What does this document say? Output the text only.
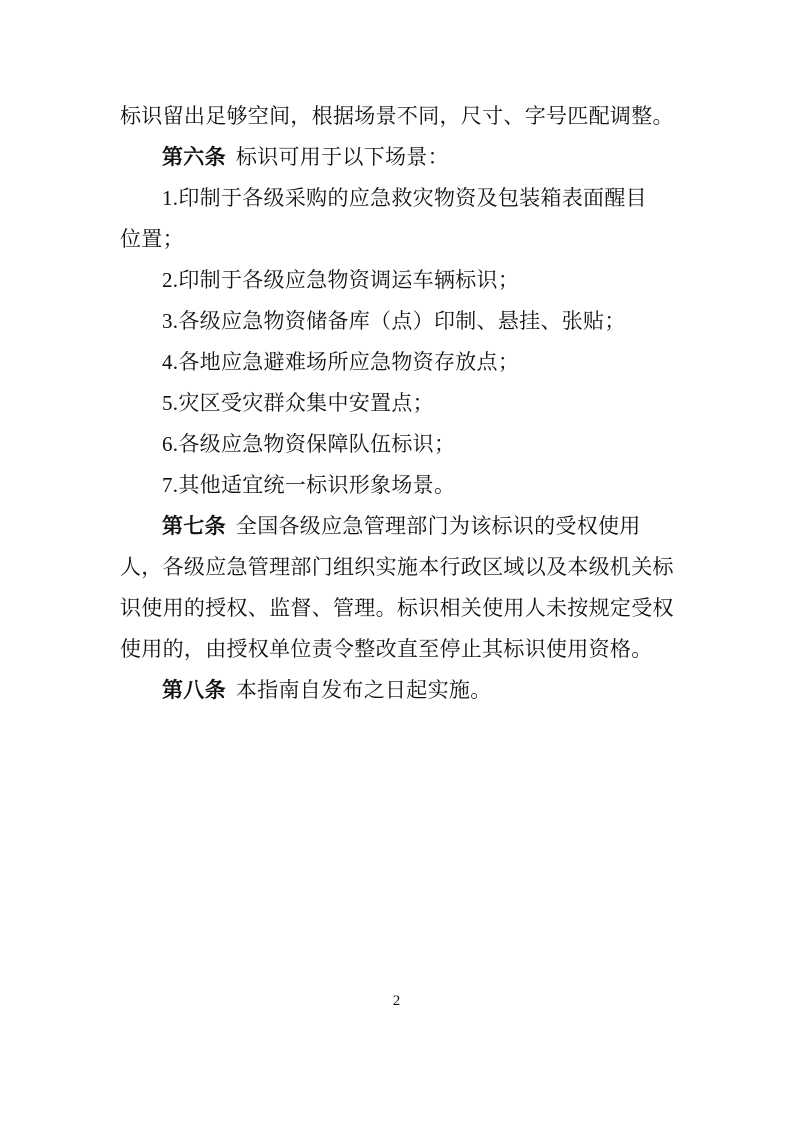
标识留出足够空间，根据场景不同，尺寸、字号匹配调整。
第六条 标识可用于以下场景：
1.印制于各级采购的应急救灾物资及包装箱表面醒目
位置；
2.印制于各级应急物资调运车辆标识；
3.各级应急物资储备库（点）印制、悬挂、张贴；
4.各地应急避难场所应急物资存放点；
5.灾区受灾群众集中安置点；
6.各级应急物资保障队伍标识；
7.其他适宜统一标识形象场景。
第七条 全国各级应急管理部门为该标识的受权使用
人，各级应急管理部门组织实施本行政区域以及本级机关标
识使用的授权、监督、管理。标识相关使用人未按规定受权
使用的，由授权单位责令整改直至停止其标识使用资格。
第八条 本指南自发布之日起实施。
2
